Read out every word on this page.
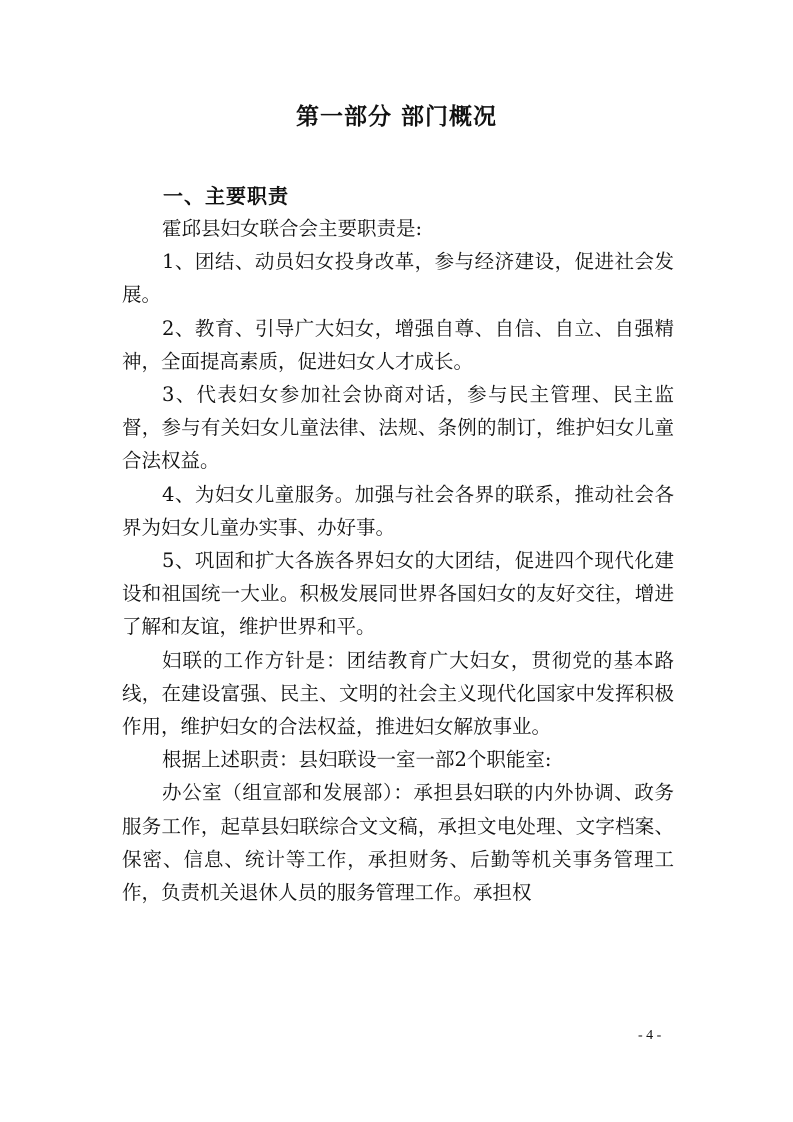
第一部分 部门概况
一、主要职责

霍邱县妇女联合会主要职责是:

1、团结、动员妇女投身改革，参与经济建设，促进社会发展。

2、教育、引导广大妇女，增强自尊、自信、自立、自强精神，全面提高素质，促进妇女人才成长。

3、代表妇女参加社会协商对话，参与民主管理、民主监督，参与有关妇女儿童法律、法规、条例的制订，维护妇女儿童合法权益。

4、为妇女儿童服务。加强与社会各界的联系，推动社会各界为妇女儿童办实事、办好事。

5、巩固和扩大各族各界妇女的大团结，促进四个现代化建设和祖国统一大业。积极发展同世界各国妇女的友好交往，增进了解和友谊，维护世界和平。

妇联的工作方针是：团结教育广大妇女，贯彻党的基本路线，在建设富强、民主、文明的社会主义现代化国家中发挥积极作用，维护妇女的合法权益，推进妇女解放事业。

根据上述职责：县妇联设一室一部2个职能室:

办公室（组宣部和发展部）：承担县妇联的内外协调、政务服务工作，起草县妇联综合文文稿，承担文电处理、文字档案、保密、信息、统计等工作，承担财务、后勤等机关事务管理工作，负责机关退休人员的服务管理工作。承担权

- 4 -
